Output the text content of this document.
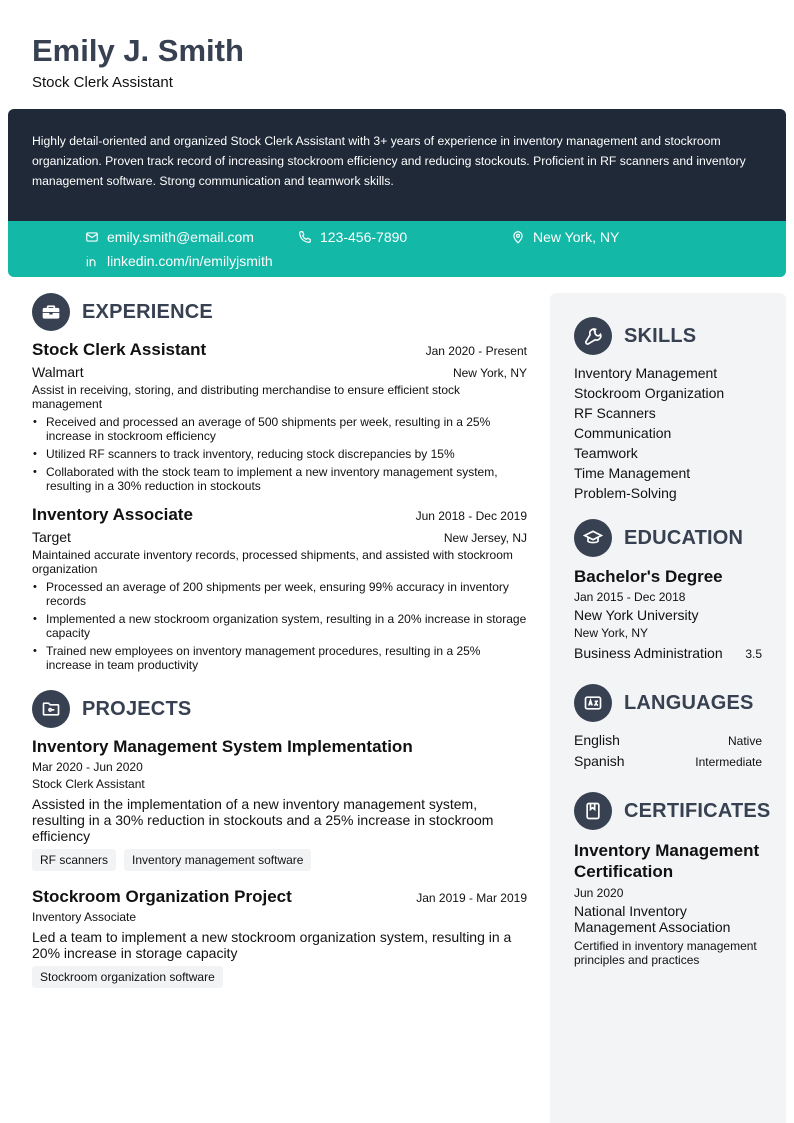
Emily J. Smith
Stock Clerk Assistant
Highly detail-oriented and organized Stock Clerk Assistant with 3+ years of experience in inventory management and stockroom organization. Proven track record of increasing stockroom efficiency and reducing stockouts. Proficient in RF scanners and inventory management software. Strong communication and teamwork skills.
emily.smith@email.com	123-456-7890	New York, NY
linkedin.com/in/emilyjsmith
EXPERIENCE
Stock Clerk Assistant	Jan 2020 - Present
Walmart	New York, NY
Assist in receiving, storing, and distributing merchandise to ensure efficient stock management
• Received and processed an average of 500 shipments per week, resulting in a 25% increase in stockroom efficiency
• Utilized RF scanners to track inventory, reducing stock discrepancies by 15%
• Collaborated with the stock team to implement a new inventory management system, resulting in a 30% reduction in stockouts
Inventory Associate	Jun 2018 - Dec 2019
Target	New Jersey, NJ
Maintained accurate inventory records, processed shipments, and assisted with stockroom organization
• Processed an average of 200 shipments per week, ensuring 99% accuracy in inventory records
• Implemented a new stockroom organization system, resulting in a 20% increase in storage capacity
• Trained new employees on inventory management procedures, resulting in a 25% increase in team productivity
PROJECTS
Inventory Management System Implementation
Mar 2020 - Jun 2020
Stock Clerk Assistant
Assisted in the implementation of a new inventory management system, resulting in a 30% reduction in stockouts and a 25% increase in stockroom efficiency
RF scanners	Inventory management software
Stockroom Organization Project	Jan 2019 - Mar 2019
Inventory Associate
Led a team to implement a new stockroom organization system, resulting in a 20% increase in storage capacity
Stockroom organization software
SKILLS
Inventory Management
Stockroom Organization
RF Scanners
Communication
Teamwork
Time Management
Problem-Solving
EDUCATION
Bachelor's Degree
Jan 2015 - Dec 2018
New York University
New York, NY
Business Administration 3.5
LANGUAGES
English	Native
Spanish	Intermediate
CERTIFICATES
Inventory Management Certification
Jun 2020
National Inventory Management Association
Certified in inventory management principles and practices
